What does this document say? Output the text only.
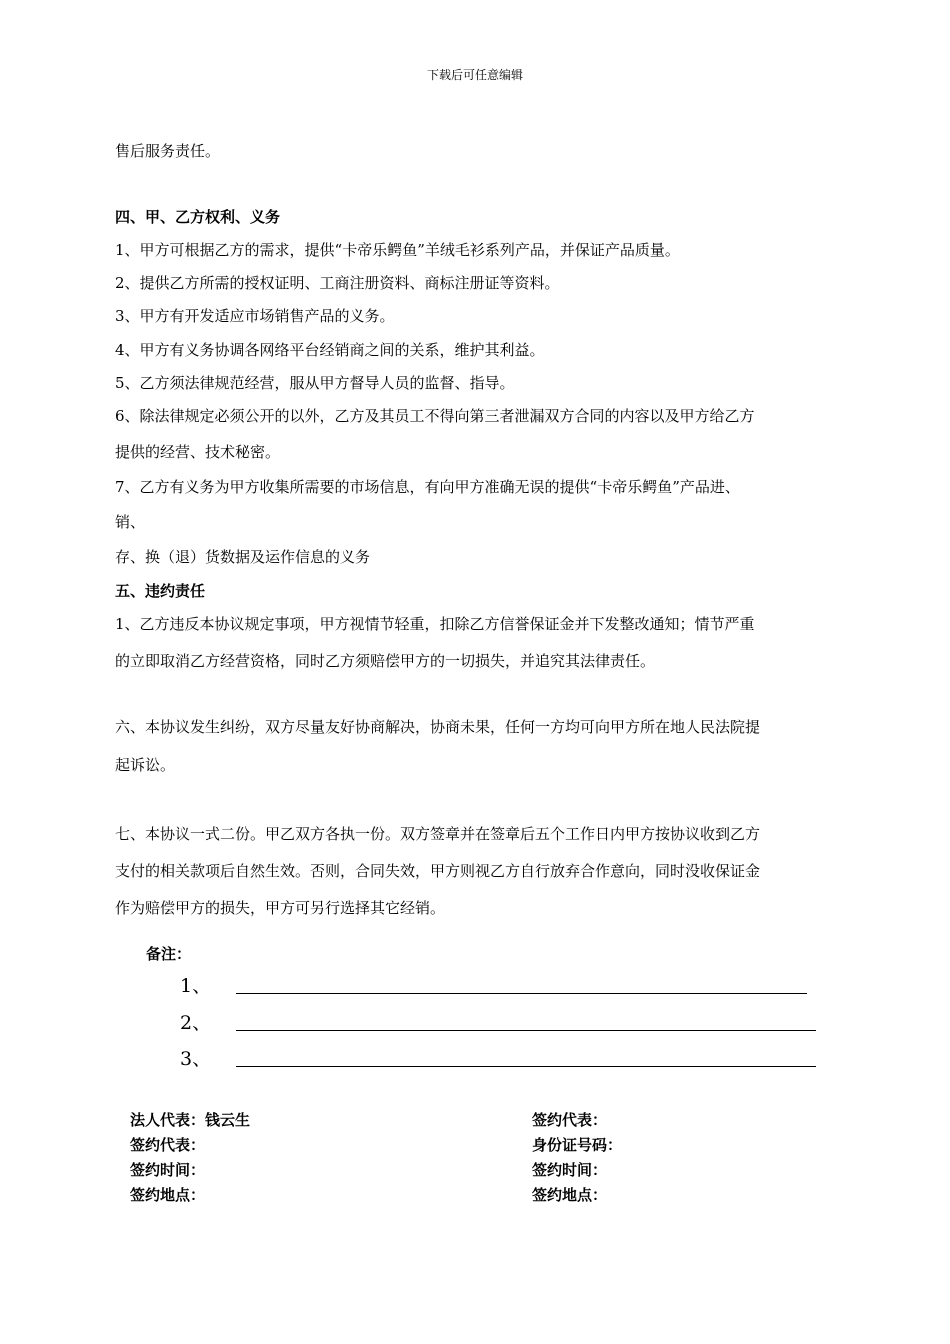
下载后可任意编辑
售后服务责任。
四、甲、乙方权利、义务
1、甲方可根据乙方的需求，提供“卡帝乐鳄鱼”羊绒毛衫系列产品，并保证产品质量。
2、提供乙方所需的授权证明、工商注册资料、商标注册证等资料。
3、甲方有开发适应市场销售产品的义务。
4、甲方有义务协调各网络平台经销商之间的关系，维护其利益。
5、乙方须法律规范经营，服从甲方督导人员的监督、指导。
6、除法律规定必须公开的以外，乙方及其员工不得向第三者泄漏双方合同的内容以及甲方给乙方
提供的经营、技术秘密。
7、乙方有义务为甲方收集所需要的市场信息，有向甲方准确无误的提供“卡帝乐鳄鱼”产品进、
销、
存、换（退）货数据及运作信息的义务
五、违约责任
1、乙方违反本协议规定事项，甲方视情节轻重，扣除乙方信誉保证金并下发整改通知；情节严重
的立即取消乙方经营资格，同时乙方须赔偿甲方的一切损失，并追究其法律责任。
六、本协议发生纠纷，双方尽量友好协商解决，协商未果，任何一方均可向甲方所在地人民法院提
起诉讼。
七、本协议一式二份。甲乙双方各执一份。双方签章并在签章后五个工作日内甲方按协议收到乙方
支付的相关款项后自然生效。否则，合同失效，甲方则视乙方自行放弃合作意向，同时没收保证金
作为赔偿甲方的损失，甲方可另行选择其它经销。
备注：
1、
2、
3、
法人代表：钱云生
签约代表：
签约时间：
签约地点：
签约代表：
身份证号码：
签约时间：
签约地点：
